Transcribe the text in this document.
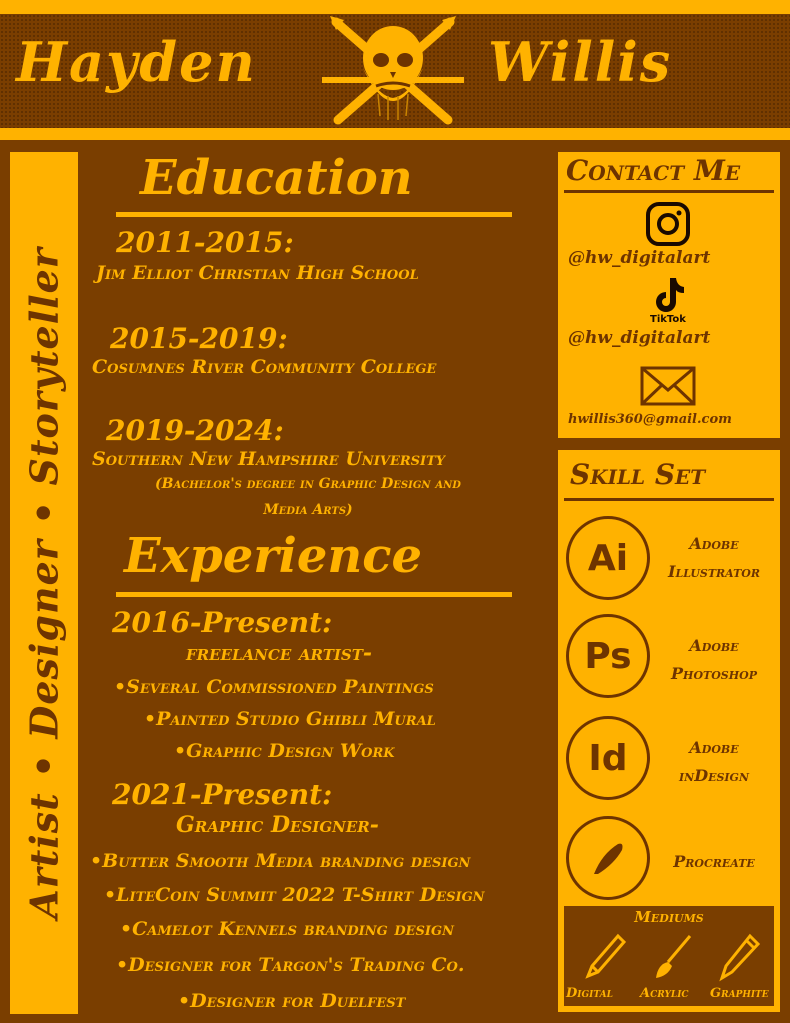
Hayden	Willis
Artist • Designer • Storyteller
Education
2011-2015:
Jim Elliot Christian High School
2015-2019:
Cosumnes River Community College
2019-2024:
Southern New Hampshire University
(Bachelor's degree in Graphic Design and
Media Arts)
Experience
2016-Present:
freelance artist-
•Several Commissioned Paintings
•Painted Studio Ghibli Mural
•Graphic Design Work
2021-Present:
Graphic Designer-
•Butter Smooth Media branding design
•LiteCoin Summit 2022 T-Shirt Design
•Camelot Kennels branding design
•Designer for Targon's Trading Co.
•Designer for Duelfest
Contact Me
@hw_digitalart
TikTok
@hw_digitalart
hwillis360@gmail.com
Skill Set
Ai	Adobe
Illustrator
Ps	Adobe
Photoshop
Id	Adobe
inDesign
Procreate
Mediums
Digital Acrylic Graphite
